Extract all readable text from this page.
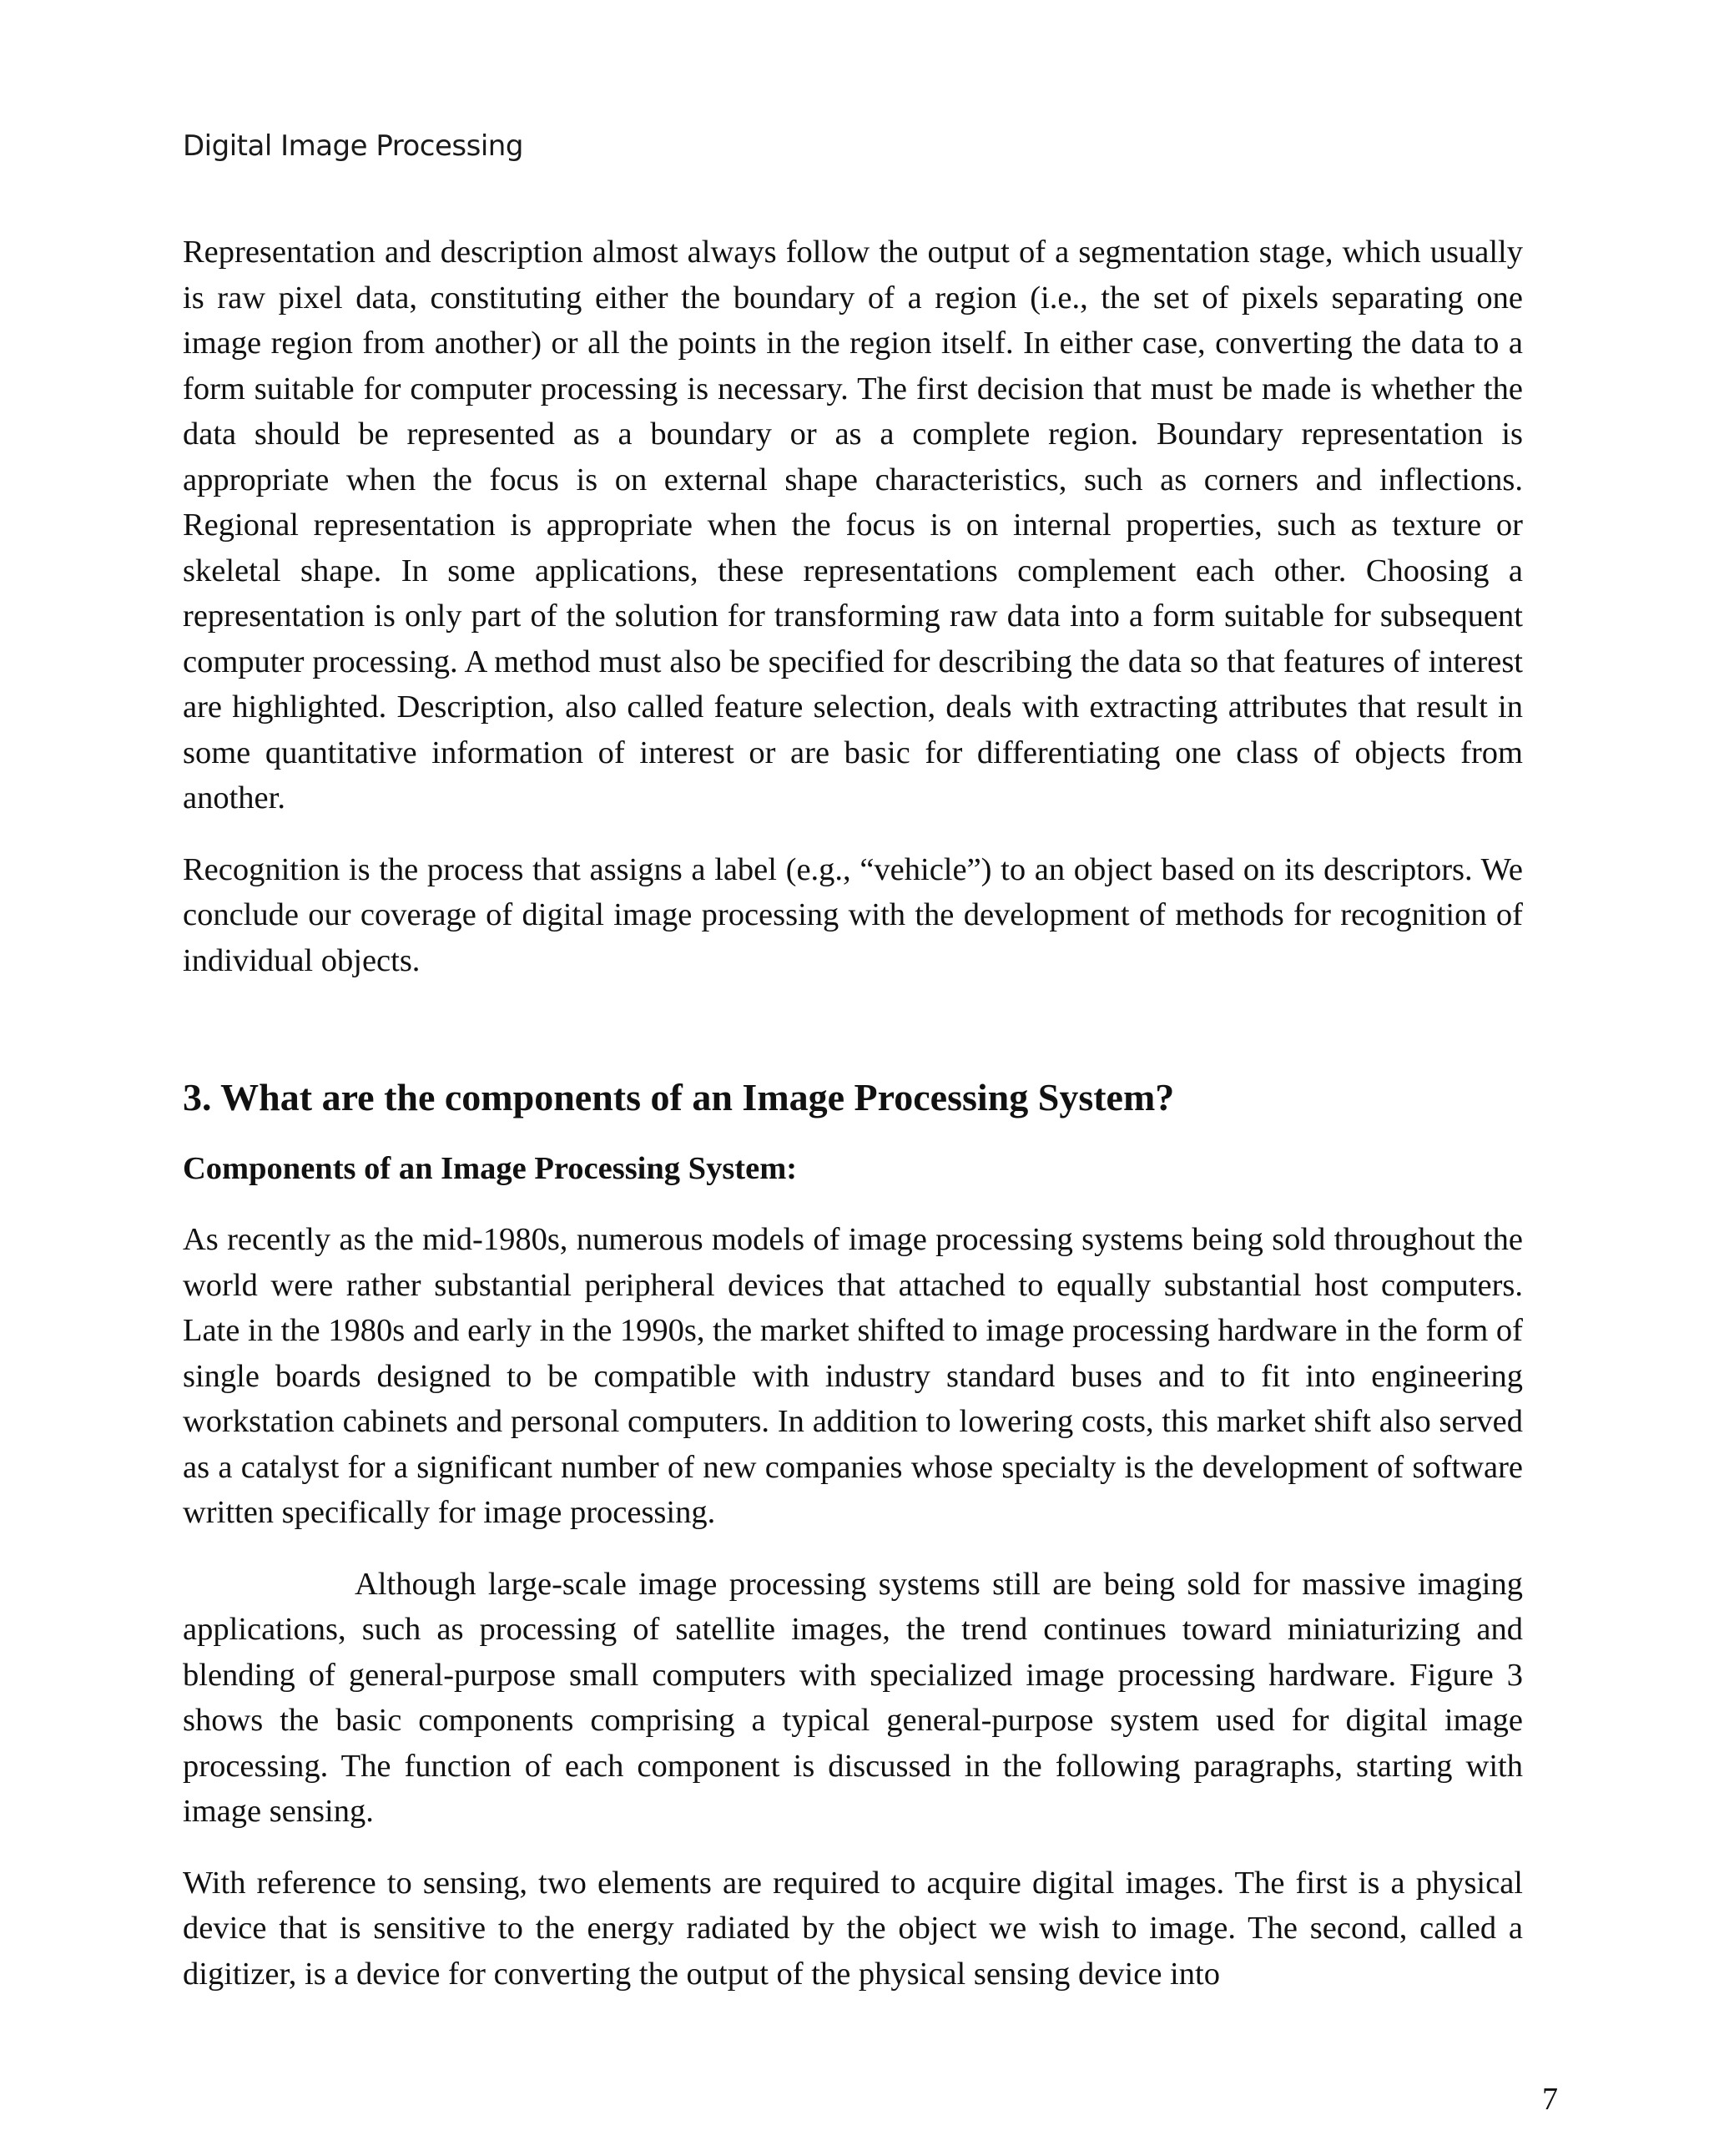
Digital Image Processing

Representation and description almost always follow the output of a segmentation stage, which usually is raw pixel data, constituting either the boundary of a region (i.e., the set of pixels separating one image region from another) or all the points in the region itself. In either case, converting the data to a form suitable for computer processing is necessary. The first decision that must be made is whether the data should be represented as a boundary or as a complete region. Boundary representation is appropriate when the focus is on external shape characteristics, such as corners and inflections. Regional representation is appropriate when the focus is on internal properties, such as texture or skeletal shape. In some applications, these representations complement each other. Choosing a representation is only part of the solution for transforming raw data into a form suitable for subsequent computer processing. A method must also be specified for describing the data so that features of interest are highlighted. Description, also called feature selection, deals with extracting attributes that result in some quantitative information of interest or are basic for differentiating one class of objects from another.

Recognition is the process that assigns a label (e.g., “vehicle”) to an object based on its descriptors. We conclude our coverage of digital image processing with the development of methods for recognition of individual objects.

3. What are the components of an Image Processing System?
Components of an Image Processing System:

As recently as the mid-1980s, numerous models of image processing systems being sold throughout the world were rather substantial peripheral devices that attached to equally substantial host computers. Late in the 1980s and early in the 1990s, the market shifted to image processing hardware in the form of single boards designed to be compatible with industry standard buses and to fit into engineering workstation cabinets and personal computers. In addition to lowering costs, this market shift also served as a catalyst for a significant number of new companies whose specialty is the development of software written specifically for image processing.

Although large-scale image processing systems still are being sold for massive imaging applications, such as processing of satellite images, the trend continues toward miniaturizing and blending of general-purpose small computers with specialized image processing hardware. Figure 3 shows the basic components comprising a typical general-purpose system used for digital image processing. The function of each component is discussed in the following paragraphs, starting with image sensing.

With reference to sensing, two elements are required to acquire digital images. The first is a physical device that is sensitive to the energy radiated by the object we wish to image. The second, called a digitizer, is a device for converting the output of the physical sensing device into

7
